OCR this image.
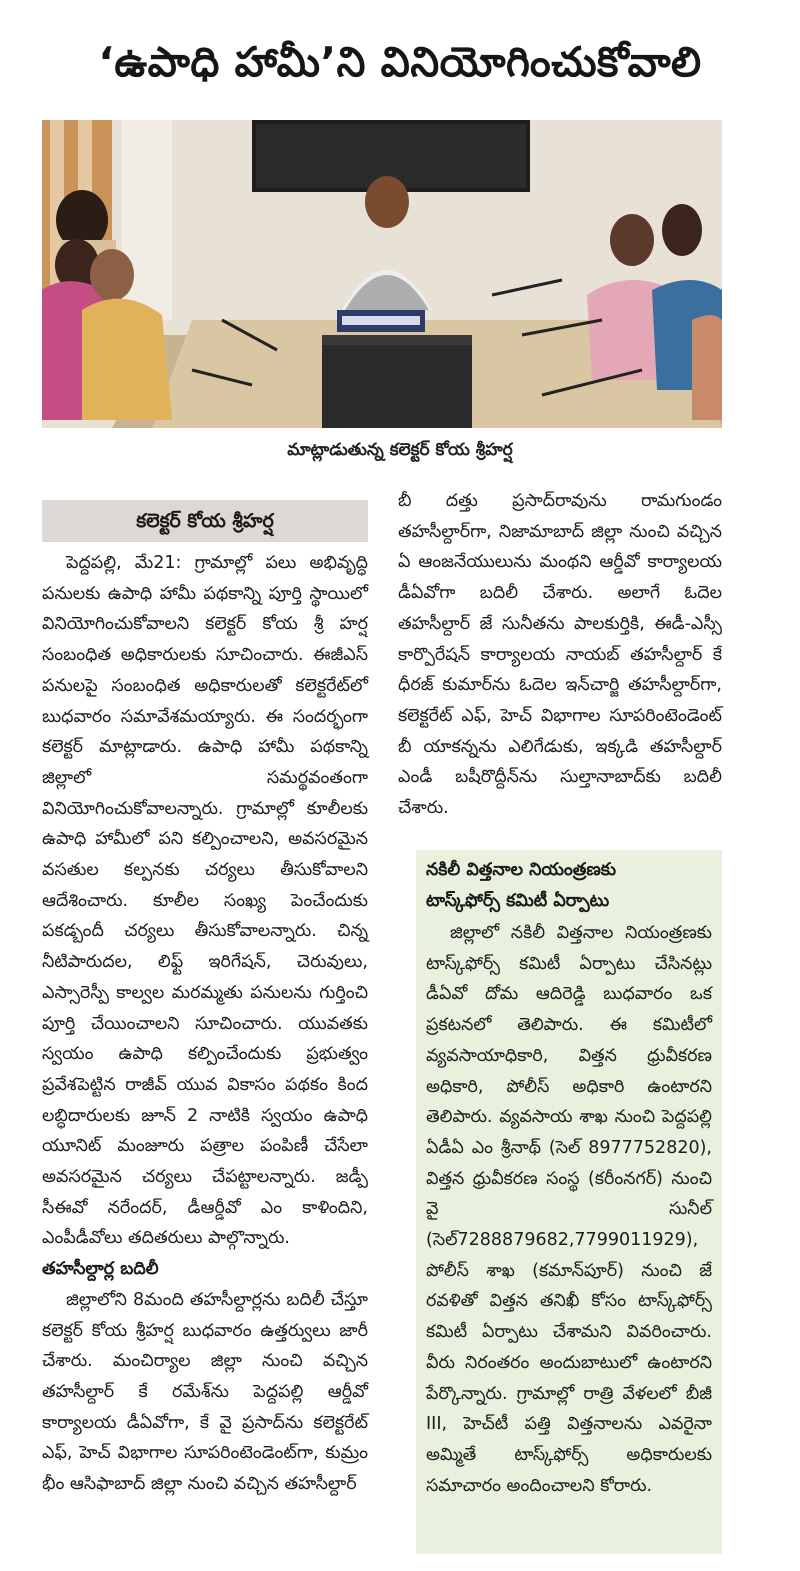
‘ఉపాధి హామీ’ని వినియోగించుకోవాలి
మాట్లాడుతున్న కలెక్టర్‌ కోయ శ్రీహర్ష
కలెక్టర్‌ కోయ శ్రీహర్ష

పెద్దపల్లి, మే21: గ్రామాల్లో పలు అభివృద్ధి పనులకు ఉపాధి హామీ పథకాన్ని పూర్తి స్థాయిలో వినియోగించుకోవాలని కలెక్టర్‌ కోయ శ్రీ హర్ష సంబంధిత అధికారులకు సూచించారు. ఈజీఎస్‌ పనులపై సంబంధిత అధికారులతో కలెక్టరేట్‌లో బుధవారం సమావేశమయ్యారు. ఈ సందర్భంగా కలెక్టర్‌ మాట్లాడారు. ఉపాధి హామీ పథకాన్ని జిల్లాలో సమర్థవంతంగా వినియోగించుకోవాలన్నారు. గ్రామాల్లో కూలీలకు ఉపాధి హామీలో పని కల్పించాలని, అవసరమైన వసతుల కల్పనకు చర్యలు తీసుకోవాలని ఆదేశించారు. కూలీల సంఖ్య పెంచేందుకు పకడ్బందీ చర్యలు తీసుకోవాలన్నారు. చిన్న నీటిపారుదల, లిఫ్ట్‌ ఇరిగేషన్‌, చెరువులు, ఎస్సారెస్పీ కాల్వల మరమ్మతు పనులను గుర్తించి పూర్తి చేయించాలని సూచించారు. యువతకు స్వయం ఉపాధి కల్పించేందుకు ప్రభుత్వం ప్రవేశపెట్టిన రాజీవ్‌ యువ వికాసం పథకం కింద లబ్ధిదారులకు జూన్‌ 2 నాటికి స్వయం ఉపాధి యూనిట్‌ మంజూరు పత్రాల పంపిణీ చేసేలా అవసరమైన చర్యలు చేపట్టాలన్నారు. జడ్పీ సీఈవో నరేందర్‌, డీఆర్డీవో ఎం కాళిందిని, ఎంపీడీవోలు తదితరులు పాల్గొన్నారు.

తహసీల్దార్ల బదిలీ

జిల్లాలోని 8మంది తహసీల్దార్లను బదిలీ చేస్తూ కలెక్టర్‌ కోయ శ్రీహర్ష బుధవారం ఉత్తర్వులు జారీ చేశారు. మంచిర్యాల జిల్లా నుంచి వచ్చిన తహసీల్దార్‌ కే రమేశ్‌ను పెద్దపల్లి ఆర్డీవో కార్యాలయ డీఏవోగా, కే వై ప్రసాద్‌ను కలెక్టరేట్‌ ఎఫ్‌, హెచ్‌ విభాగాల సూపరింటెండెంట్‌గా, కుమ్రం భీం ఆసిఫాబాద్‌ జిల్లా నుంచి వచ్చిన తహసీల్దార్‌

బీ దత్తు ప్రసాద్‌రావును రామగుండం తహసీల్దార్‌గా, నిజామాబాద్‌ జిల్లా నుంచి వచ్చిన ఏ ఆంజనేయులును మంథని ఆర్డీవో కార్యాలయ డీఏవోగా బదిలీ చేశారు. అలాగే ఓదెల తహసీల్దార్‌ జే సునీతను పాలకుర్తికి, ఈడీ-ఎస్సీ కార్పొరేషన్‌ కార్యాలయ నాయబ్‌ తహసీల్దార్‌ కే ధీరజ్‌ కుమార్‌ను ఓదెల ఇన్‌చార్జి తహసీల్దార్‌గా, కలెక్టరేట్‌ ఎఫ్‌, హెచ్‌ విభాగాల సూపరింటెండెంట్‌ బీ యాకన్నను ఎలిగేడుకు, ఇక్కడి తహసీల్దార్‌ ఎండీ బషీరొద్దీన్‌ను సుల్తానాబాద్‌కు బదిలీ చేశారు.

నకిలీ విత్తనాల నియంత్రణకు
టాస్క్‌ఫోర్స్‌ కమిటీ ఏర్పాటు

జిల్లాలో నకిలీ విత్తనాల నియంత్రణకు టాస్క్‌ఫోర్స్‌ కమిటీ ఏర్పాటు చేసినట్లు డీఏవో దోమ ఆదిరెడ్డి బుధవారం ఒక ప్రకటనలో తెలిపారు. ఈ కమిటీలో వ్యవసాయాధికారి, విత్తన ధ్రువీకరణ అధికారి, పోలీస్‌ అధికారి ఉంటారని తెలిపారు. వ్యవసాయ శాఖ నుంచి పెద్దపల్లి ఏడీఏ ఎం శ్రీనాథ్‌ (సెల్‌ 8977752820), విత్తన ధ్రువీకరణ సంస్థ (కరీంనగర్‌) నుంచి వై సునీల్‌ (సెల్‌7288879682,7799011929), పోలీస్‌ శాఖ (కమాన్‌పూర్‌) నుంచి జే రవళితో విత్తన తనిఖీ కోసం టాస్క్‌ఫోర్స్‌ కమిటీ ఏర్పాటు చేశామని వివరించారు. వీరు నిరంతరం అందుబాటులో ఉంటారని పేర్కొన్నారు. గ్రామాల్లో రాత్రి వేళలలో బీజీ III, హెచ్‌టీ పత్తి విత్తనాలను ఎవరైనా అమ్మితే టాస్క్‌ఫోర్స్‌ అధికారులకు సమాచారం అందించాలని కోరారు.
